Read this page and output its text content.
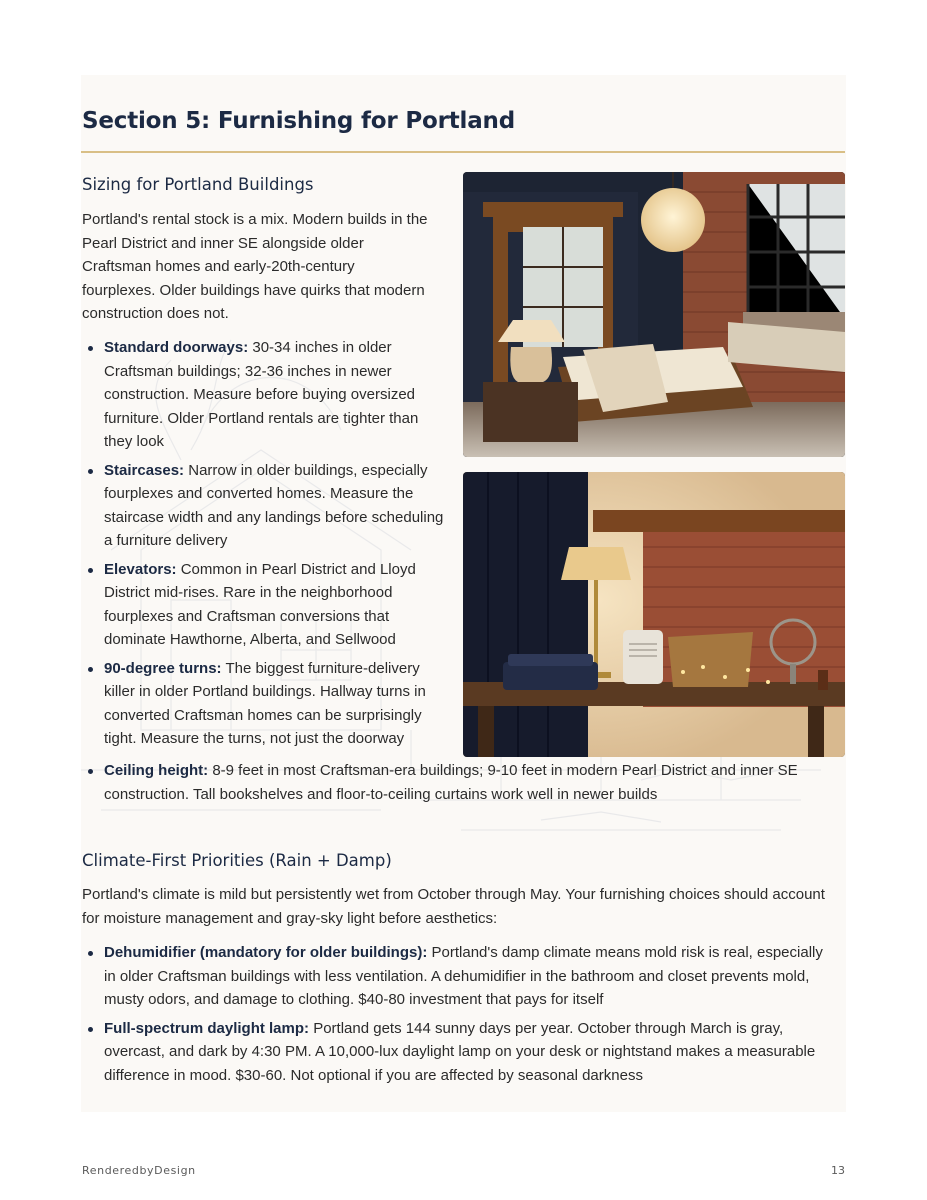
Section 5: Furnishing for Portland
Sizing for Portland Buildings

Portland's rental stock is a mix. Modern builds in the Pearl District and inner SE alongside older Craftsman homes and early-20th-century fourplexes. Older buildings have quirks that modern construction does not.

Standard doorways: 30-34 inches in older Craftsman buildings; 32-36 inches in newer construction. Measure before buying oversized furniture. Older Portland rentals are tighter than they look
Staircases: Narrow in older buildings, especially fourplexes and converted homes. Measure the staircase width and any landings before scheduling a furniture delivery
Elevators: Common in Pearl District and Lloyd District mid-rises. Rare in the neighborhood fourplexes and Craftsman conversions that dominate Hawthorne, Alberta, and Sellwood
90-degree turns: The biggest furniture-delivery killer in older Portland buildings. Hallway turns in converted Craftsman homes can be surprisingly tight. Measure the turns, not just the doorway
Ceiling height: 8-9 feet in most Craftsman-era buildings; 9-10 feet in modern Pearl District and inner SE construction. Tall bookshelves and floor-to-ceiling curtains work well in newer builds
Climate-First Priorities (Rain + Damp)

Portland's climate is mild but persistently wet from October through May. Your furnishing choices should account for moisture management and gray-sky light before aesthetics:

Dehumidifier (mandatory for older buildings): Portland's damp climate means mold risk is real, especially in older Craftsman buildings with less ventilation. A dehumidifier in the bathroom and closet prevents mold, musty odors, and damage to clothing. $40-80 investment that pays for itself
Full-spectrum daylight lamp: Portland gets 144 sunny days per year. October through March is gray, overcast, and dark by 4:30 PM. A 10,000-lux daylight lamp on your desk or nightstand makes a measurable difference in mood. $30-60. Not optional if you are affected by seasonal darkness
RenderedbyDesign	13
